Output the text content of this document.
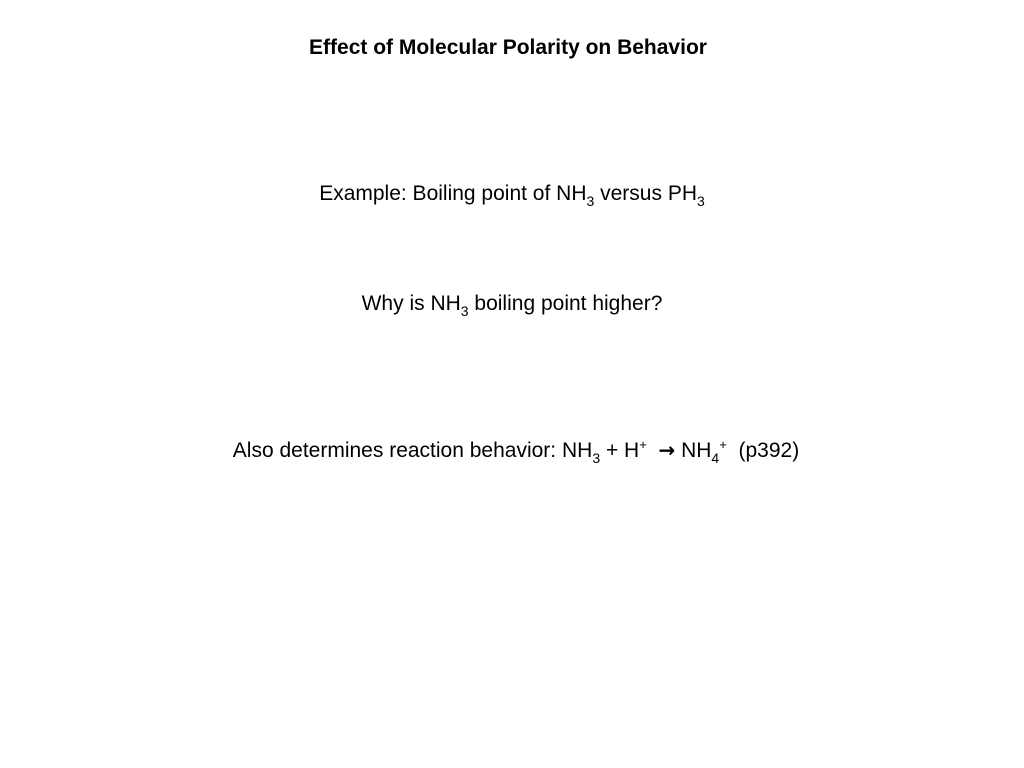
Effect of Molecular Polarity on Behavior
Example: Boiling point of $NH_3$ versus $PH_3$
Why is $NH_3$ boiling point higher?
Also determines reaction behavior: $NH_3 + H^+ \to NH_4^+$  (p392)
